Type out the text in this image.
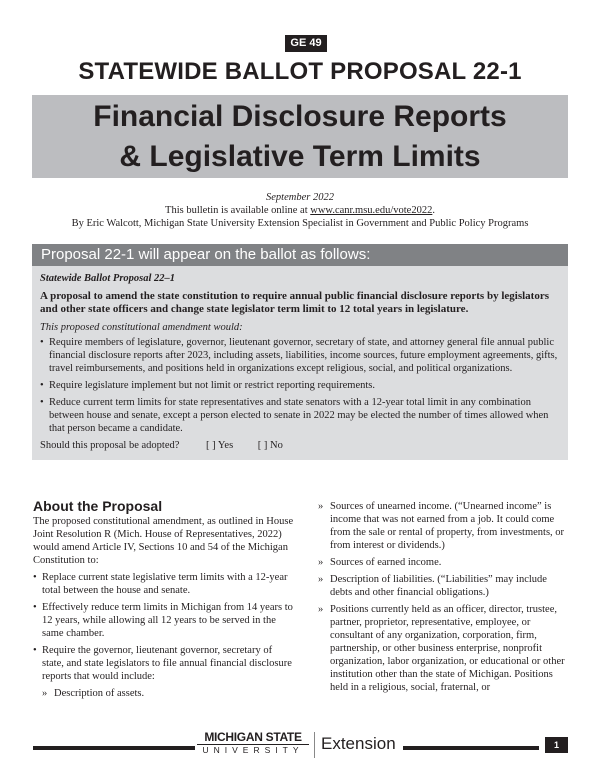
GE 49
STATEWIDE BALLOT PROPOSAL 22-1
Financial Disclosure Reports
& Legislative Term Limits
September 2022
This bulletin is available online at www.canr.msu.edu/vote2022.
By Eric Walcott, Michigan State University Extension Specialist in Government and Public Policy Programs
Proposal 22-1 will appear on the ballot as follows:

Statewide Ballot Proposal 22–1

A proposal to amend the state constitution to require annual public financial disclosure reports by legislators and other state officers and change state legislator term limit to 12 total years in legislature.

This proposed constitutional amendment would:

• Require members of legislature, governor, lieutenant governor, secretary of state, and attorney general file annual public financial disclosure reports after 2023, including assets, liabilities, income sources, future employment agreements, gifts, travel reimbursements, and positions held in organizations except religious, social, and political organizations.
• Require legislature implement but not limit or restrict reporting requirements.
• Reduce current term limits for state representatives and state senators with a 12-year total limit in any combination between house and senate, except a person elected to senate in 2022 may be elected the number of times allowed when that person became a candidate.
Should this proposal be adopted?	[ ] Yes [ ] No
About the Proposal

The proposed constitutional amendment, as outlined in House Joint Resolution R (Mich. House of Representatives, 2022) would amend Article IV, Sections 10 and 54 of the Michigan Constitution to:

• Replace current state legislative term limits with a 12-year total between the house and senate.
• Effectively reduce term limits in Michigan from 14 years to 12 years, while allowing all 12 years to be served in the same chamber.
• Require the governor, lieutenant governor, secretary of state, and state legislators to file annual financial disclosure reports that would include:
» Description of assets.
» Sources of unearned income. (“Unearned income” is income that was not earned from a job. It could come from the sale or rental of property, from investments, or from interest or dividends.)
» Sources of earned income.
» Description of liabilities. (“Liabilities” may include debts and other financial obligations.)
» Positions currently held as an officer, director, trustee, partner, proprietor, representative, employee, or consultant of any organization, corporation, firm, partnership, or other business enterprise, nonprofit organization, labor organization, or educational or other institution other than the state of Michigan. Positions held in a religious, social, fraternal, or
MICHIGAN STATE
UNIVERSITY	Extension	1
